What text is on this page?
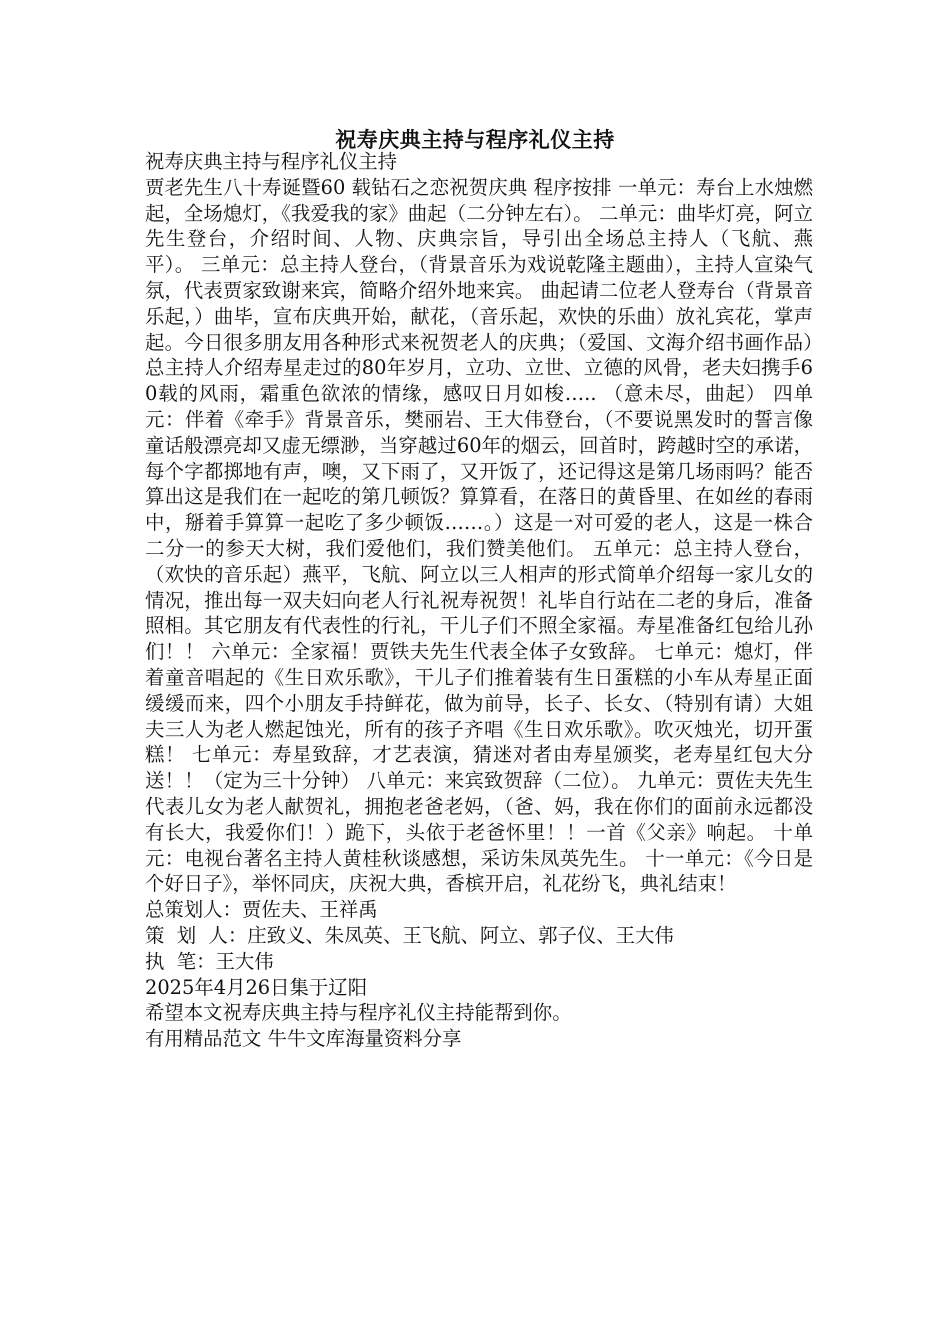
祝寿庆典主持与程序礼仪主持

祝寿庆典主持与程序礼仪主持

贾老先生八十寿诞暨60 载钻石之恋祝贺庆典 程序按排 一单元：寿台上水烛燃起，全场熄灯，《我爱我的家》曲起（二分钟左右）。 二单元：曲毕灯亮，阿立先生登台，介绍时间、人物、庆典宗旨，导引出全场总主持人（飞航、燕平）。 三单元：总主持人登台，（背景音乐为戏说乾隆主题曲），主持人宣染气氛，代表贾家致谢来宾，简略介绍外地来宾。 曲起请二位老人登寿台（背景音乐起，）曲毕，宣布庆典开始，献花，（音乐起，欢快的乐曲）放礼宾花，掌声起。今日很多朋友用各种形式来祝贺老人的庆典；（爱国、文海介绍书画作品）总主持人介绍寿星走过的80年岁月，立功、立世、立德的风骨，老夫妇携手60载的风雨，霜重色欲浓的情缘，感叹日月如梭….. （意未尽，曲起） 四单元：伴着《牵手》背景音乐，樊丽岩、王大伟登台，（不要说黑发时的誓言像童话般漂亮却又虚无缥渺，当穿越过60年的烟云，回首时，跨越时空的承诺，每个字都掷地有声，噢，又下雨了，又开饭了，还记得这是第几场雨吗？能否算出这是我们在一起吃的第几顿饭？算算看，在落日的黄昏里、在如丝的春雨中，掰着手算算一起吃了多少顿饭……。）这是一对可爱的老人，这是一株合二分一的参天大树，我们爱他们，我们赞美他们。 五单元：总主持人登台，（欢快的音乐起）燕平，飞航、阿立以三人相声的形式简单介绍每一家儿女的情况，推出每一双夫妇向老人行礼祝寿祝贺！礼毕自行站在二老的身后，准备照相。其它朋友有代表性的行礼，干儿子们不照全家福。寿星准备红包给儿孙们！！ 六单元：全家福！贾铁夫先生代表全体子女致辞。 七单元：熄灯，伴着童音唱起的《生日欢乐歌》，干儿子们推着装有生日蛋糕的小车从寿星正面缓缓而来，四个小朋友手持鲜花，做为前导，长子、长女、（特别有请）大姐夫三人为老人燃起蚀光，所有的孩子齐唱《生日欢乐歌》。吹灭烛光，切开蛋糕！ 七单元：寿星致辞，才艺表演，猜迷对者由寿星颁奖，老寿星红包大分送！！（定为三十分钟） 八单元：来宾致贺辞（二位）。 九单元：贾佐夫先生代表儿女为老人献贺礼，拥抱老爸老妈，（爸、妈，我在你们的面前永远都没有长大，我爱你们！）跪下，头依于老爸怀里！！一首《父亲》响起。 十单元：电视台著名主持人黄桂秋谈感想，采访朱凤英先生。 十一单元：《今日是个好日子》，举怀同庆，庆祝大典，香槟开启，礼花纷飞，典礼结束！

总策划人：贾佐夫、王祥禹

策  划  人：庄致义、朱凤英、王飞航、阿立、郭子仪、王大伟

执  笔：王大伟

2025年4月26日集于辽阳

希望本文祝寿庆典主持与程序礼仪主持能帮到你。

有用精品范文 牛牛文库海量资料分享
